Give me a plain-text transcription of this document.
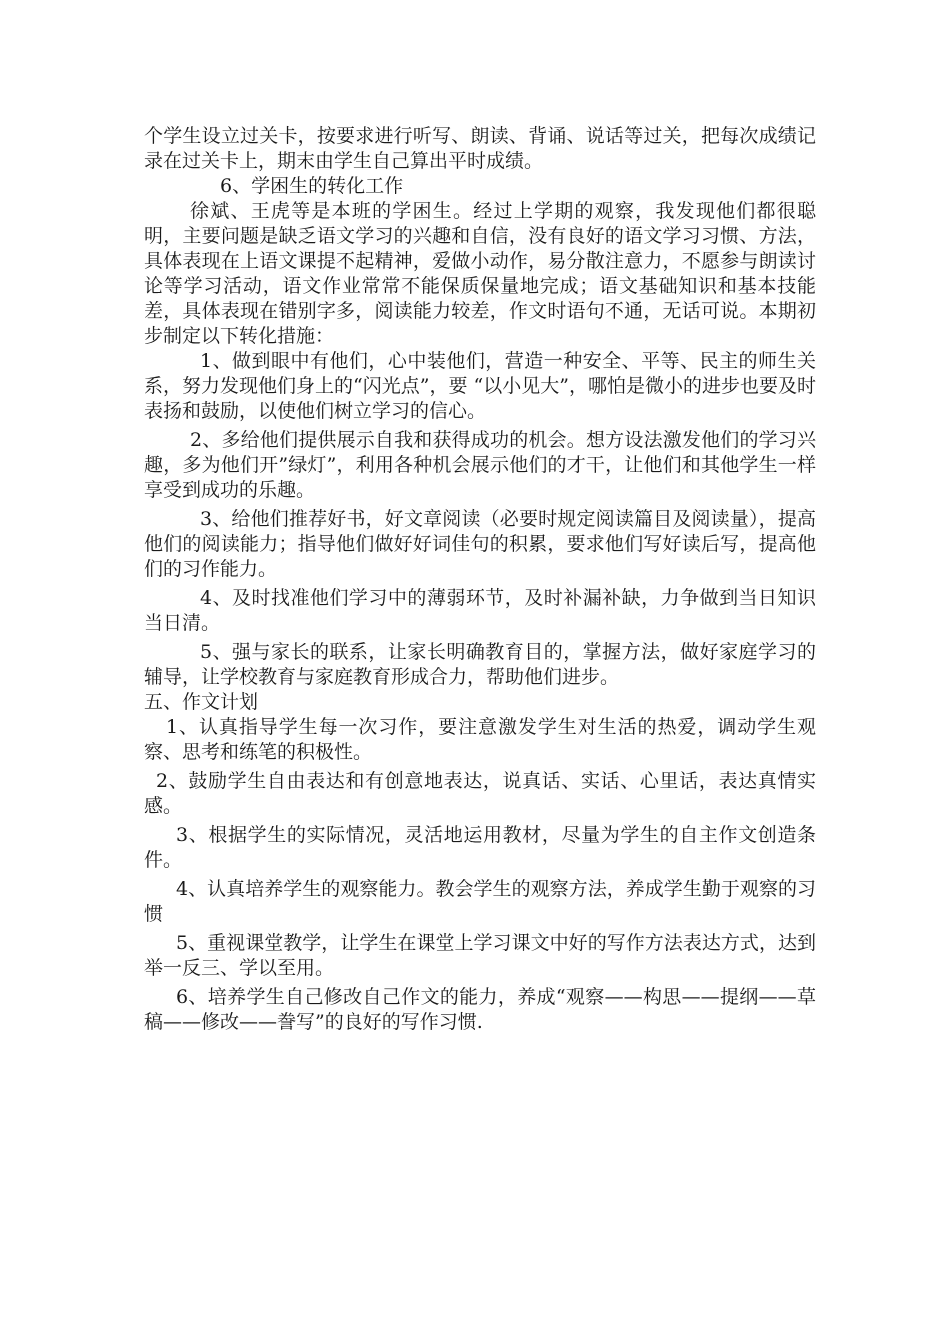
个学生设立过关卡，按要求进行听写、朗读、背诵、说话等过关，把每次成绩记录在过关卡上，期末由学生自己算出平时成绩。

6、学困生的转化工作

徐斌、王虎等是本班的学困生。经过上学期的观察，我发现他们都很聪明，主要问题是缺乏语文学习的兴趣和自信，没有良好的语文学习习惯、方法，具体表现在上语文课提不起精神，爱做小动作，易分散注意力，不愿参与朗读讨论等学习活动，语文作业常常不能保质保量地完成；语文基础知识和基本技能差，具体表现在错别字多，阅读能力较差，作文时语句不通，无话可说。本期初步制定以下转化措施：

1、做到眼中有他们，心中装他们，营造一种安全、平等、民主的师生关系，努力发现他们身上的“闪光点”，要 “以小见大”，哪怕是微小的进步也要及时表扬和鼓励，以使他们树立学习的信心。

2、多给他们提供展示自我和获得成功的机会。想方设法激发他们的学习兴趣，多为他们开”绿灯”，利用各种机会展示他们的才干，让他们和其他学生一样享受到成功的乐趣。

3、给他们推荐好书，好文章阅读（必要时规定阅读篇目及阅读量），提高他们的阅读能力；指导他们做好好词佳句的积累，要求他们写好读后写，提高他们的习作能力。

4、及时找准他们学习中的薄弱环节，及时补漏补缺，力争做到当日知识当日清。

5、强与家长的联系，让家长明确教育目的，掌握方法，做好家庭学习的辅导，让学校教育与家庭教育形成合力，帮助他们进步。

五、作文计划

1、认真指导学生每一次习作，要注意激发学生对生活的热爱，调动学生观察、思考和练笔的积极性。

2、鼓励学生自由表达和有创意地表达，说真话、实话、心里话，表达真情实感。

3、根据学生的实际情况，灵活地运用教材，尽量为学生的自主作文创造条件。

4、认真培养学生的观察能力。教会学生的观察方法，养成学生勤于观察的习惯

5、重视课堂教学，让学生在课堂上学习课文中好的写作方法表达方式，达到举一反三、学以至用。

6、培养学生自己修改自己作文的能力，养成“观察——构思——提纲——草稿——修改——誊写”的良好的写作习惯.
